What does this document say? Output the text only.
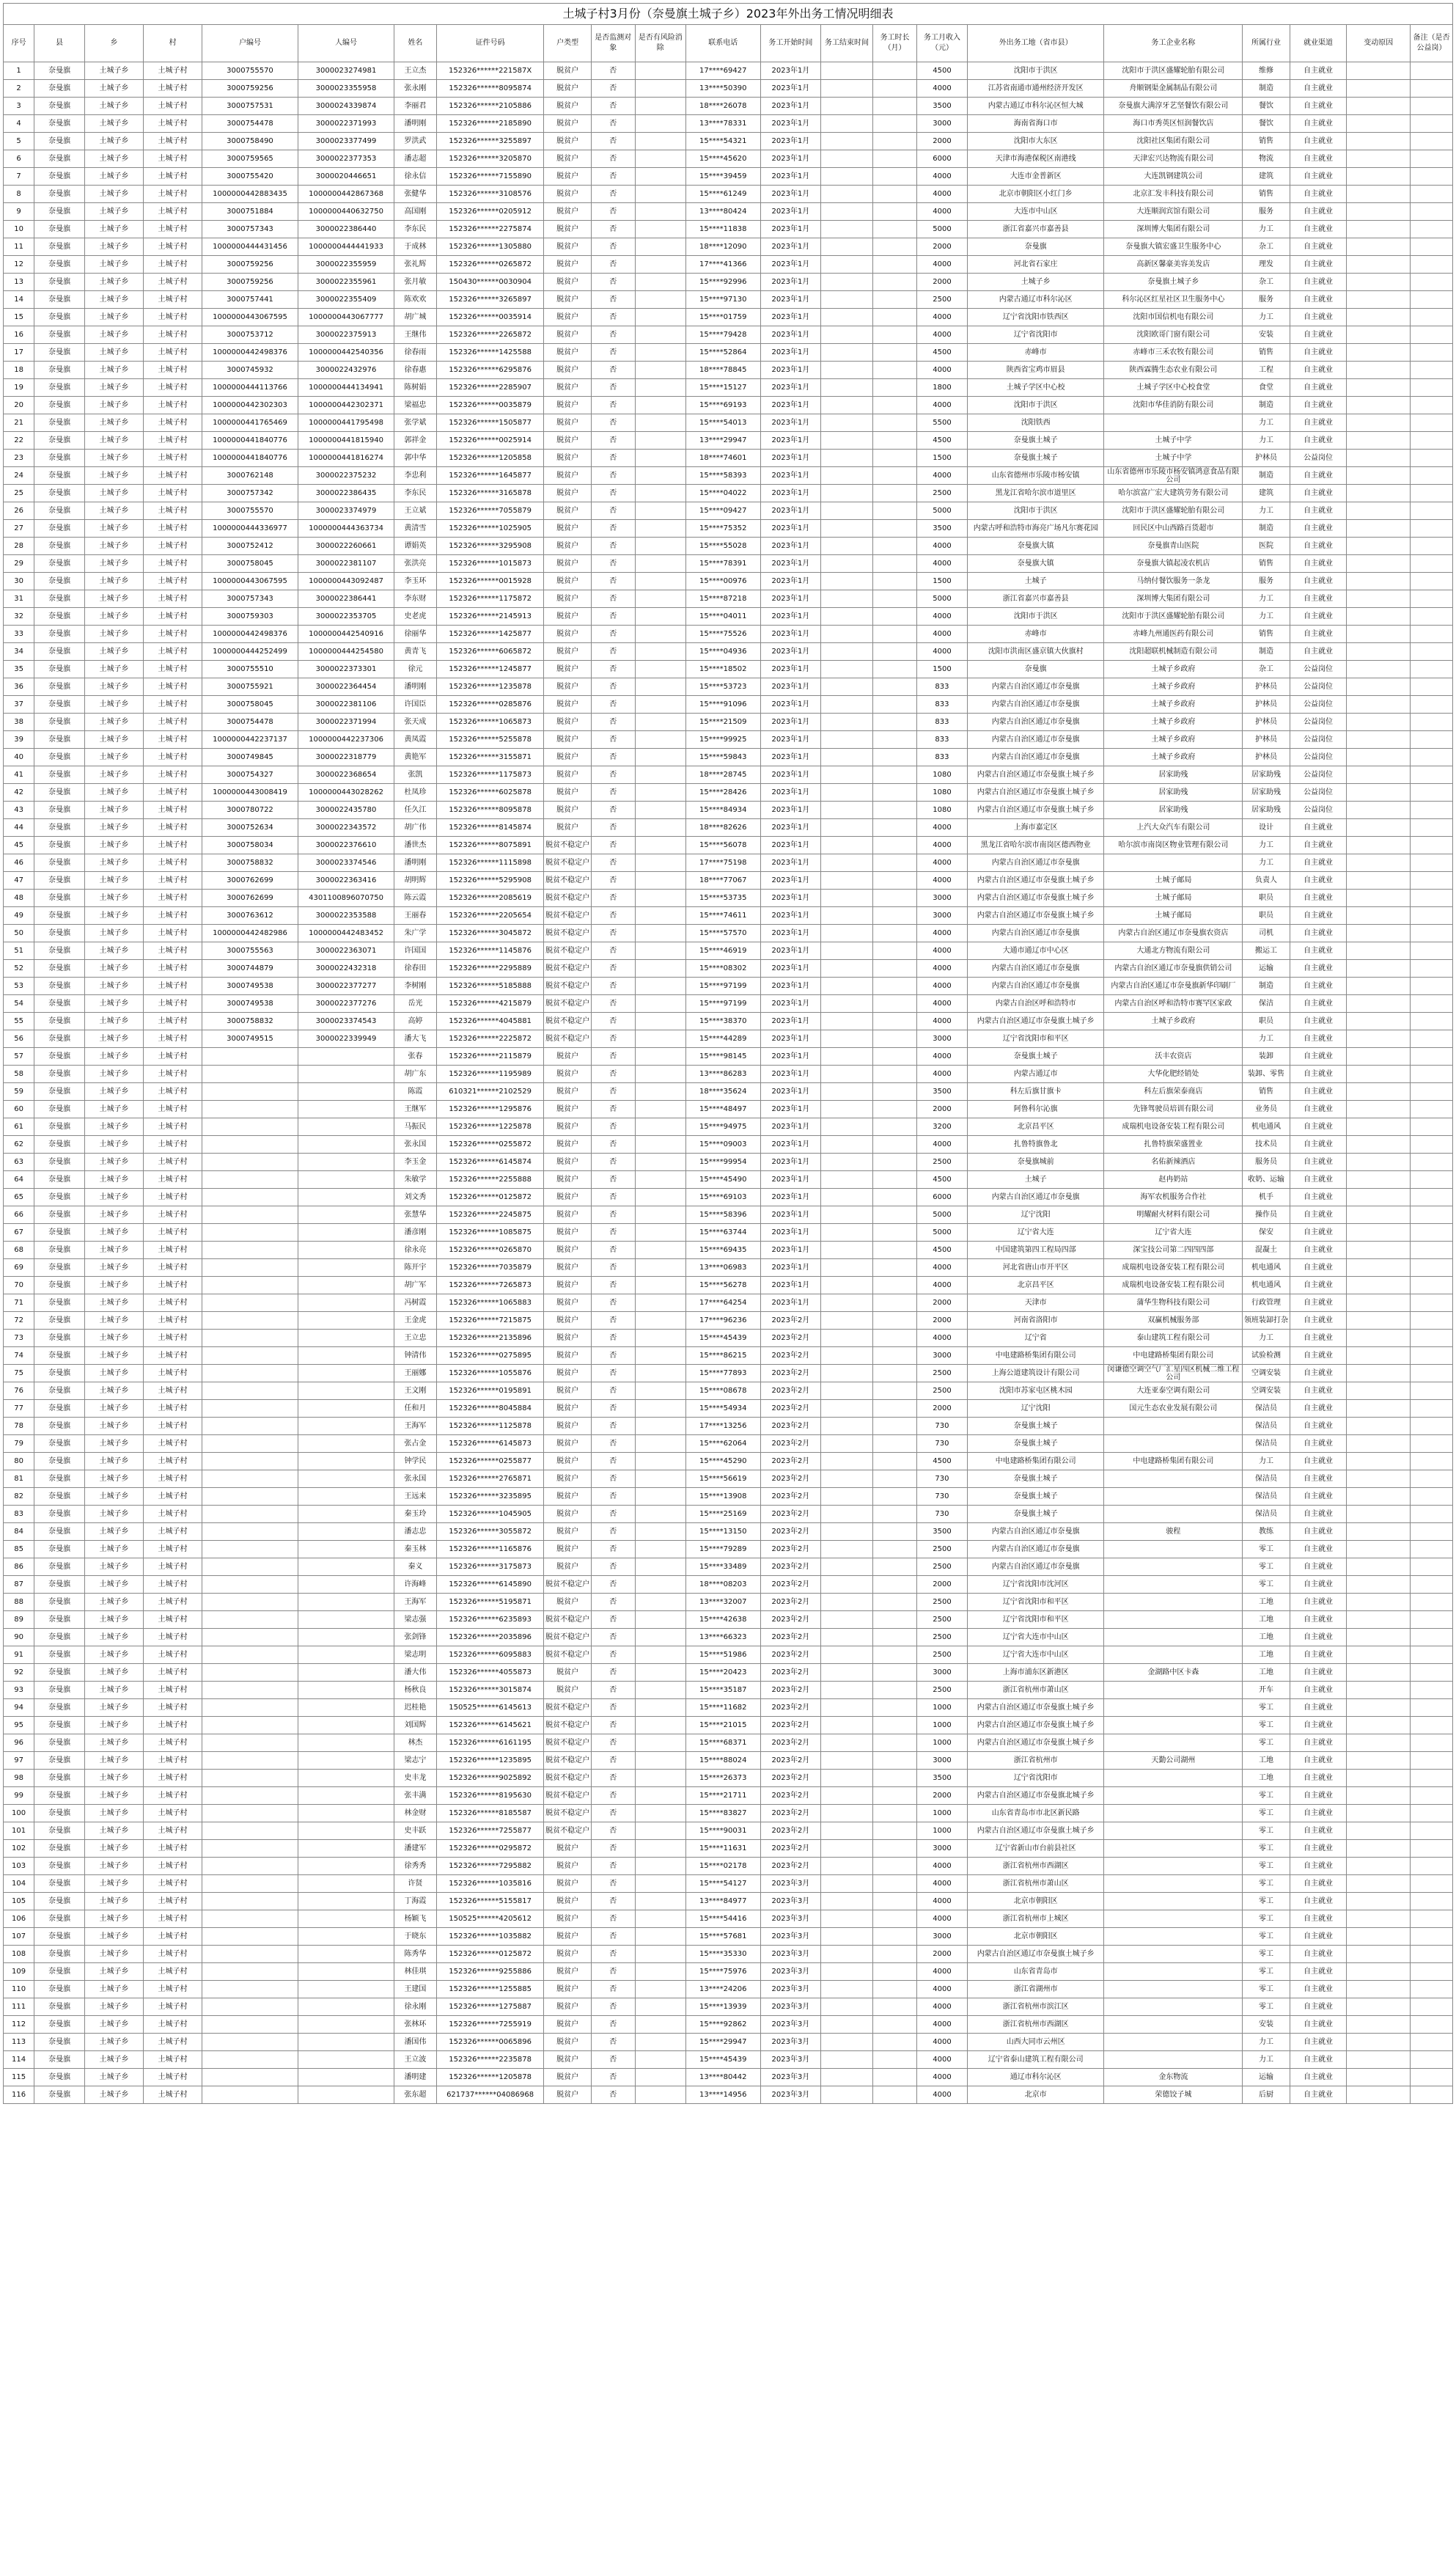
土城子村3月份（奈曼旗土城子乡）2023年外出务工情况明细表
序号	县	乡	村	户编号	人编号	姓名	证件号码	户类型	是否监测对象	是否有风险消除	联系电话	务工开始时间	务工结束时间	务工时长（月）	务工月收入（元）	外出务工地（省市县）	务工企业名称	所属行业	就业渠道	变动原因	备注（是否公益岗）
1	奈曼旗	土城子乡	土城子村	3000755570	3000023274981	王立杰	152326******221587X	脱贫户	否		17****69427	2023年1月			4500	沈阳市于洪区	沈阳市于洪区盛耀轮胎有限公司	维修	自主就业		
2	奈曼旗	土城子乡	土城子村	3000759256	3000023355958	张永刚	152326******8095874	脱贫户	否		13****50390	2023年1月			4000	江苏省南通市通州经济开发区	舟顺钢渠金属制品有限公司	制造	自主就业		
3	奈曼旗	土城子乡	土城子村	3000757531	3000024339874	李丽君	152326******2105886	脱贫户	否		18****26078	2023年1月			3500	内蒙古通辽市科尔沁区恒大城	奈曼旗大满淳牙艺坚餐饮有限公司	餐饮	自主就业		
4	奈曼旗	土城子乡	土城子村	3000754478	3000022371993	潘明刚	152326******2185890	脱贫户	否		13****78331	2023年1月			3000	海南省海口市	海口市秀英区恒润餐饮店	餐饮	自主就业		
5	奈曼旗	土城子乡	土城子村	3000758490	3000023377499	罗洪武	152326******3255897	脱贫户	否		15****54321	2023年1月			2000	沈阳市大东区	沈阳社区集团有限公司	销售	自主就业		
6	奈曼旗	土城子乡	土城子村	3000759565	3000022377353	潘志超	152326******3205870	脱贫户	否		15****45620	2023年1月			6000	天津市海港保税区南港线	天津宏兴达物流有限公司	物流	自主就业		
7	奈曼旗	土城子乡	土城子村	3000755420	3000020446651	徐永信	152326******7155890	脱贫户	否		15****39459	2023年1月			4000	大连市金普新区	大连凯钢建筑公司	建筑	自主就业		
8	奈曼旗	土城子乡	土城子村	1000000442883435	1000000442867368	张健华	152326******3108576	脱贫户	否		15****61249	2023年1月			4000	北京市朝阳区小红门乡	北京汇发丰科技有限公司	销售	自主就业		
9	奈曼旗	土城子乡	土城子村	3000751884	1000000440632750	高国刚	152326******0205912	脱贫户	否		13****80424	2023年1月			4000	大连市中山区	大连顺润宾馆有限公司	服务	自主就业		
10	奈曼旗	土城子乡	土城子村	3000757343	3000022386440	李东民	152326******2275874	脱贫户	否		15****11838	2023年1月			5000	浙江省嘉兴市嘉善县	深圳博大集团有限公司	力工	自主就业		
11	奈曼旗	土城子乡	土城子村	1000000444431456	1000000444441933	于成林	152326******1305880	脱贫户	否		18****12090	2023年1月			2000	奈曼旗	奈曼旗大镇宏盛卫生服务中心	杂工	自主就业		
12	奈曼旗	土城子乡	土城子村	3000759256	3000022355959	张礼辉	152326******0265872	脱贫户	否		17****41366	2023年1月			4000	河北省石家庄	高新区馨豪美容美发店	理发	自主就业		
13	奈曼旗	土城子乡	土城子村	3000759256	3000022355961	张月敏	150430******0030904	脱贫户	否		15****92996	2023年1月			2000	土城子乡	奈曼旗土城子乡	杂工	自主就业		
14	奈曼旗	土城子乡	土城子村	3000757441	3000022355409	陈欢欢	152326******3265897	脱贫户	否		15****97130	2023年1月			2500	内蒙古通辽市科尔沁区	科尔沁区红星社区卫生服务中心	服务	自主就业		
15	奈曼旗	土城子乡	土城子村	1000000443067595	1000000443067777	胡广城	152326******0035914	脱贫户	否		15****01759	2023年1月			4000	辽宁省沈阳市铁西区	沈阳市国信机电有限公司	力工	自主就业		
16	奈曼旗	土城子乡	土城子村	3000753712	3000022375913	王继伟	152326******2265872	脱贫户	否		15****79428	2023年1月			4000	辽宁省沈阳市	沈阳欧哥门窗有限公司	安装	自主就业		
17	奈曼旗	土城子乡	土城子村	1000000442498376	1000000442540356	徐春雨	152326******1425588	脱贫户	否		15****52864	2023年1月			4500	赤峰市	赤峰市三禾农牧有限公司	销售	自主就业		
18	奈曼旗	土城子乡	土城子村	3000745932	3000022432976	徐春惠	152326******6295876	脱贫户	否		18****78845	2023年1月			4000	陕西省宝鸡市眉县	陕西霖腾生态农业有限公司	工程	自主就业		
19	奈曼旗	土城子乡	土城子村	1000000444113766	1000000444134941	陈树娟	152326******2285907	脱贫户	否		15****15127	2023年1月			1800	土城子学区中心校	土城子学区中心校食堂	食堂	自主就业		
20	奈曼旗	土城子乡	土城子村	1000000442302303	1000000442302371	梁福忠	152326******0035879	脱贫户	否		15****69193	2023年1月			4000	沈阳市于洪区	沈阳市华佳消防有限公司	制造	自主就业		
21	奈曼旗	土城子乡	土城子村	1000000441765469	1000000441795498	张学斌	152326******1505877	脱贫户	否		15****54013	2023年1月			5500	沈阳铁西		力工	自主就业		
22	奈曼旗	土城子乡	土城子村	1000000441840776	1000000441815940	郭祥金	152326******0025914	脱贫户	否		13****29947	2023年1月			4500	奈曼旗土城子	土城子中学	力工	自主就业		
23	奈曼旗	土城子乡	土城子村	1000000441840776	1000000441816274	郭中华	152326******1205858	脱贫户	否		18****74601	2023年1月			1500	奈曼旗土城子	土城子中学	护林员	公益岗位		
24	奈曼旗	土城子乡	土城子村	3000762148	3000022375232	李忠利	152326******1645877	脱贫户	否		15****58393	2023年1月			4000	山东省德州市乐陵市杨安镇	山东省德州市乐陵市杨安镇鸿意食品有限公司	制造	自主就业		
25	奈曼旗	土城子乡	土城子村	3000757342	3000022386435	李东民	152326******3165878	脱贫户	否		15****04022	2023年1月			2500	黑龙江省哈尔滨市道里区	哈尔滨富广宏大建筑劳务有限公司	建筑	自主就业		
26	奈曼旗	土城子乡	土城子村	3000755570	3000023374979	王立斌	152326******7055879	脱贫户	否		15****09427	2023年1月			5000	沈阳市于洪区	沈阳市于洪区盛耀轮胎有限公司	力工	自主就业		
27	奈曼旗	土城子乡	土城子村	1000000444336977	1000000444363734	黄清雪	152326******1025905	脱贫户	否		15****75352	2023年1月			3500	内蒙古呼和浩特市海亮广场凡尔赛花园	回民区中山西路百货超市	制造	自主就业		
28	奈曼旗	土城子乡	土城子村	3000752412	3000022260661	谭娟英	152326******3295908	脱贫户	否		15****55028	2023年1月			4000	奈曼旗大镇	奈曼旗青山医院	医院	自主就业		
29	奈曼旗	土城子乡	土城子村	3000758045	3000022381107	张洪亮	152326******1015873	脱贫户	否		15****78391	2023年1月			4000	奈曼旗大镇	奈曼旗大镇起凌农机店	销售	自主就业		
30	奈曼旗	土城子乡	土城子村	1000000443067595	1000000443092487	李玉环	152326******0015928	脱贫户	否		15****00976	2023年1月			1500	土城子	马纳付餐饮服务一条龙	服务	自主就业		
31	奈曼旗	土城子乡	土城子村	3000757343	3000022386441	李东财	152326******1175872	脱贫户	否		15****87218	2023年1月			5000	浙江省嘉兴市嘉善县	深圳博大集团有限公司	力工	自主就业		
32	奈曼旗	土城子乡	土城子村	3000759303	3000022353705	史老虎	152326******2145913	脱贫户	否		15****04011	2023年1月			4000	沈阳市于洪区	沈阳市于洪区盛耀轮胎有限公司	力工	自主就业		
33	奈曼旗	土城子乡	土城子村	1000000442498376	1000000442540916	徐丽华	152326******1425877	脱贫户	否		15****75526	2023年1月			4000	赤峰市	赤峰九州通医药有限公司	销售	自主就业		
34	奈曼旗	土城子乡	土城子村	1000000444252499	1000000444254580	黄青飞	152326******6065872	脱贫户	否		15****04936	2023年1月			4000	沈阳市洪南区盛京镇大伙旗村	沈阳超联机械制造有限公司	制造	自主就业		
35	奈曼旗	土城子乡	土城子村	3000755510	3000022373301	徐元	152326******1245877	脱贫户	否		15****18502	2023年1月			1500	奈曼旗	土城子乡政府	杂工	公益岗位		
36	奈曼旗	土城子乡	土城子村	3000755921	3000022364454	潘明刚	152326******1235878	脱贫户	否		15****53723	2023年1月			833	内蒙古自治区通辽市奈曼旗	土城子乡政府	护林员	公益岗位		
37	奈曼旗	土城子乡	土城子村	3000758045	3000022381106	许国臣	152326******0285876	脱贫户	否		15****91096	2023年1月			833	内蒙古自治区通辽市奈曼旗	土城子乡政府	护林员	公益岗位		
38	奈曼旗	土城子乡	土城子村	3000754478	3000022371994	张天成	152326******1065873	脱贫户	否		15****21509	2023年1月			833	内蒙古自治区通辽市奈曼旗	土城子乡政府	护林员	公益岗位		
39	奈曼旗	土城子乡	土城子村	1000000442237137	1000000442237306	黄凤霞	152326******5255878	脱贫户	否		15****99925	2023年1月			833	内蒙古自治区通辽市奈曼旗	土城子乡政府	护林员	公益岗位		
40	奈曼旗	土城子乡	土城子村	3000749845	3000022318779	黄艳军	152326******3155871	脱贫户	否		15****59843	2023年1月			833	内蒙古自治区通辽市奈曼旗	土城子乡政府	护林员	公益岗位		
41	奈曼旗	土城子乡	土城子村	3000754327	3000022368654	张凯	152326******1175873	脱贫户	否		18****28745	2023年1月			1080	内蒙古自治区通辽市奈曼旗土城子乡	居家助残	居家助残	公益岗位		
42	奈曼旗	土城子乡	土城子村	1000000443008419	1000000443028262	杜凤珍	152326******6025878	脱贫户	否		15****28426	2023年1月			1080	内蒙古自治区通辽市奈曼旗土城子乡	居家助残	居家助残	公益岗位		
43	奈曼旗	土城子乡	土城子村	3000780722	3000022435780	任久江	152326******8095878	脱贫户	否		15****84934	2023年1月			1080	内蒙古自治区通辽市奈曼旗土城子乡	居家助残	居家助残	公益岗位		
44	奈曼旗	土城子乡	土城子村	3000752634	3000022343572	胡广伟	152326******8145874	脱贫户	否		18****82626	2023年1月			4000	上海市嘉定区	上汽大众汽车有限公司	设计	自主就业		
45	奈曼旗	土城子乡	土城子村	3000758034	3000022376610	潘世杰	152326******8075891	脱贫不稳定户	否		15****56078	2023年1月			4000	黑龙江省哈尔滨市南岗区德西物业	哈尔滨市南岗区物业管理有限公司	力工	自主就业		
46	奈曼旗	土城子乡	土城子村	3000758832	3000023374546	潘明刚	152326******1115898	脱贫不稳定户	否		17****75198	2023年1月			4000	内蒙古自治区通辽市奈曼旗		力工	自主就业		
47	奈曼旗	土城子乡	土城子村	3000762699	3000022363416	胡明辉	152326******5295908	脱贫不稳定户	否		18****77067	2023年1月			4000	内蒙古自治区通辽市奈曼旗土城子乡	土城子邮局	负责人	自主就业		
48	奈曼旗	土城子乡	土城子村	3000762699	4301100896070750	陈云霞	152326******2085619	脱贫不稳定户	否		15****53735	2023年1月			3000	内蒙古自治区通辽市奈曼旗土城子乡	土城子邮局	职员	自主就业		
49	奈曼旗	土城子乡	土城子村	3000763612	3000022353588	王丽春	152326******2205654	脱贫不稳定户	否		15****74611	2023年1月			3000	内蒙古自治区通辽市奈曼旗土城子乡	土城子邮局	职员	自主就业		
50	奈曼旗	土城子乡	土城子村	1000000442482986	1000000442483452	朱广学	152326******3045872	脱贫不稳定户	否		15****57570	2023年1月			4000	内蒙古自治区通辽市奈曼旗	内蒙古自治区通辽市奈曼旗农资店	司机	自主就业		
51	奈曼旗	土城子乡	土城子村	3000755563	3000022363071	许国国	152326******1145876	脱贫不稳定户	否		15****46919	2023年1月			4000	大通市通辽市中心区	大通北方物流有限公司	搬运工	自主就业		
52	奈曼旗	土城子乡	土城子村	3000744879	3000022432318	徐春田	152326******2295889	脱贫不稳定户	否		15****08302	2023年1月			4000	内蒙古自治区通辽市奈曼旗	内蒙古自治区通辽市奈曼旗供销公司	运输	自主就业		
53	奈曼旗	土城子乡	土城子村	3000749538	3000022377277	李树刚	152326******5185888	脱贫不稳定户	否		15****97199	2023年1月			4000	内蒙古自治区通辽市奈曼旗	内蒙古自治区通辽市奈曼旗新华印刷厂	制造	自主就业		
54	奈曼旗	土城子乡	土城子村	3000749538	3000022377276	岳光	152326******4215879	脱贫不稳定户	否		15****97199	2023年1月			4000	内蒙古自治区呼和浩特市	内蒙古自治区呼和浩特市赛罕区家政	保洁	自主就业		
55	奈曼旗	土城子乡	土城子村	3000758832	3000023374543	高婷	152326******4045881	脱贫不稳定户	否		15****38370	2023年1月			4000	内蒙古自治区通辽市奈曼旗土城子乡	土城子乡政府	职员	自主就业		
56	奈曼旗	土城子乡	土城子村	3000749515	3000022339949	潘大飞	152326******2225872	脱贫不稳定户	否		15****44289	2023年1月			3000	辽宁省沈阳市和平区		力工	自主就业		
57	奈曼旗	土城子乡	土城子村			张春	152326******2115879	脱贫户	否		15****98145	2023年1月			4000	奈曼旗土城子	沃丰农资店	装卸	自主就业		
58	奈曼旗	土城子乡	土城子村			胡广东	152326******1195989	脱贫户	否		13****86283	2023年1月			4000	内蒙古通辽市	大华化肥经销处	装卸、零售	自主就业		
59	奈曼旗	土城子乡	土城子村			陈霞	610321******2102529	脱贫户	否		18****35624	2023年1月			3500	科左后旗甘旗卡	科左后旗荣泰商店	销售	自主就业		
60	奈曼旗	土城子乡	土城子村			王继军	152326******1295876	脱贫户	否		15****48497	2023年1月			2000	阿鲁科尔沁旗	先锋驾驶员培训有限公司	业务员	自主就业		
61	奈曼旗	土城子乡	土城子村			马振民	152326******1225878	脱贫户	否		15****94975	2023年1月			3200	北京昌平区	成瑞机电设备安装工程有限公司	机电通风	自主就业		
62	奈曼旗	土城子乡	土城子村			张永国	152326******0255872	脱贫户	否		15****09003	2023年1月			4000	扎鲁特旗鲁北	扎鲁特旗荣盛置业	技术员	自主就业		
63	奈曼旗	土城子乡	土城子村			李玉金	152326******6145874	脱贫户	否		15****99954	2023年1月			2500	奈曼旗城前	名佑新辣酒店	服务员	自主就业		
64	奈曼旗	土城子乡	土城子村			朱敏学	152326******2255888	脱贫户	否		15****45490	2023年1月			4500	土城子	赵冉奶站	收奶、运输	自主就业		
65	奈曼旗	土城子乡	土城子村			刘文秀	152326******0125872	脱贫户	否		15****69103	2023年1月			6000	内蒙古自治区通辽市奈曼旗	海军农机服务合作社	机手	自主就业		
66	奈曼旗	土城子乡	土城子村			张慧华	152326******2245875	脱贫户	否		15****58396	2023年1月			5000	辽宁沈阳	明耀耐火材料有限公司	操作员	自主就业		
67	奈曼旗	土城子乡	土城子村			潘彦刚	152326******1085875	脱贫户	否		15****63744	2023年1月			5000	辽宁省大连	辽宁省大连	保安	自主就业		
68	奈曼旗	土城子乡	土城子村			徐永亮	152326******0265870	脱贫户	否		15****69435	2023年1月			4500	中国建筑第四工程局四部	深宝技公司第二四四四部	混凝土	自主就业		
69	奈曼旗	土城子乡	土城子村			陈开宇	152326******7035879	脱贫户	否		13****06983	2023年1月			4000	河北省唐山市开平区	成瑞机电设备安装工程有限公司	机电通风	自主就业		
70	奈曼旗	土城子乡	土城子村			胡广军	152326******7265873	脱贫户	否		15****56278	2023年1月			4000	北京昌平区	成瑞机电设备安装工程有限公司	机电通风	自主就业		
71	奈曼旗	土城子乡	土城子村			冯树霞	152326******1065883	脱贫户	否		17****64254	2023年1月			2000	天津市	蒲华生物科技有限公司	行政管理	自主就业		
72	奈曼旗	土城子乡	土城子村			王金虎	152326******7215875	脱贫户	否		17****96236	2023年2月			2000	河南省洛阳市	双赢机械服务部	领班装缷打杂	自主就业		
73	奈曼旗	土城子乡	土城子村			王立忠	152326******2135896	脱贫户	否		15****45439	2023年2月			4000	辽宁省	泰山建筑工程有限公司	力工	自主就业		
74	奈曼旗	土城子乡	土城子村			钟清伟	152326******0275895	脱贫户	否		15****86215	2023年2月			3000	中电建路桥集团有限公司	中电建路桥集团有限公司	试验检测	自主就业		
75	奈曼旗	土城子乡	土城子村			王丽娜	152326******1055876	脱贫户	否		15****77893	2023年2月			2500	上海公道建筑设计有限公司	闵谦德空调空气厂汇星四区机械二维工程公司	空调安装	自主就业		
76	奈曼旗	土城子乡	土城子村			王文刚	152326******0195891	脱贫户	否		15****08678	2023年2月			2500	沈阳市苏家屯区桃木园	大连亚泰空调有限公司	空调安装	自主就业		
77	奈曼旗	土城子乡	土城子村			任和月	152326******8045884	脱贫户	否		15****54934	2023年2月			2000	辽宁沈阳	国元生态农业发展有限公司	保洁员	自主就业		
78	奈曼旗	土城子乡	土城子村			王海军	152326******1125878	脱贫户	否		17****13256	2023年2月			730	奈曼旗土城子		保洁员	自主就业		
79	奈曼旗	土城子乡	土城子村			张占金	152326******6145873	脱贫户	否		15****62064	2023年2月			730	奈曼旗土城子		保洁员	自主就业		
80	奈曼旗	土城子乡	土城子村			钟学民	152326******0255877	脱贫户	否		15****45290	2023年2月			4500	中电建路桥集团有限公司	中电建路桥集团有限公司	力工	自主就业		
81	奈曼旗	土城子乡	土城子村			张永国	152326******2765871	脱贫户	否		15****56619	2023年2月			730	奈曼旗土城子		保洁员	自主就业		
82	奈曼旗	土城子乡	土城子村			王远来	152326******3235895	脱贫户	否		15****13908	2023年2月			730	奈曼旗土城子		保洁员	自主就业		
83	奈曼旗	土城子乡	土城子村			秦玉玲	152326******1045905	脱贫户	否		15****25169	2023年2月			730	奈曼旗土城子		保洁员	自主就业		
84	奈曼旗	土城子乡	土城子村			潘志忠	152326******3055872	脱贫户	否		15****13150	2023年2月			3500	内蒙古自治区通辽市奈曼旗	骏程	教练	自主就业		
85	奈曼旗	土城子乡	土城子村			秦玉林	152326******1165876	脱贫户	否		15****79289	2023年2月			2500	内蒙古自治区通辽市奈曼旗		零工	自主就业		
86	奈曼旗	土城子乡	土城子村			秦义	152326******3175873	脱贫户	否		15****33489	2023年2月			2500	内蒙古自治区通辽市奈曼旗		零工	自主就业		
87	奈曼旗	土城子乡	土城子村			许海峰	152326******6145890	脱贫不稳定户	否		18****08203	2023年2月			2000	辽宁省沈阳市沈河区		零工	自主就业		
88	奈曼旗	土城子乡	土城子村			王海军	152326******5195871	脱贫户	否		13****32007	2023年2月			2500	辽宁省沈阳市和平区		工地	自主就业		
89	奈曼旗	土城子乡	土城子村			梁志强	152326******6235893	脱贫不稳定户	否		15****42638	2023年2月			2500	辽宁省沈阳市和平区		工地	自主就业		
90	奈曼旗	土城子乡	土城子村			张剑锋	152326******2035896	脱贫不稳定户	否		13****66323	2023年2月			2500	辽宁省大连市中山区		工地	自主就业		
91	奈曼旗	土城子乡	土城子村			梁志明	152326******6095883	脱贫不稳定户	否		15****51986	2023年2月			2500	辽宁省大连市中山区		工地	自主就业		
92	奈曼旗	土城子乡	土城子村			潘大伟	152326******4055873	脱贫户	否		15****20423	2023年2月			3000	上海市浦东区新港区	金湖路中区卡森	工地	自主就业		
93	奈曼旗	土城子乡	土城子村			杨秋良	152326******3015874	脱贫户	否		15****35187	2023年2月			2500	浙江省杭州市萧山区		开车	自主就业		
94	奈曼旗	土城子乡	土城子村			迟桂艳	150525******6145613	脱贫不稳定户	否		15****11682	2023年2月			1000	内蒙古自治区通辽市奈曼旗土城子乡		零工	自主就业		
95	奈曼旗	土城子乡	土城子村			刘国辉	152326******6145621	脱贫不稳定户	否		15****21015	2023年2月			1000	内蒙古自治区通辽市奈曼旗土城子乡		零工	自主就业		
96	奈曼旗	土城子乡	土城子村			林杰	152326******6161195	脱贫不稳定户	否		15****68371	2023年2月			1000	内蒙古自治区通辽市奈曼旗土城子乡		零工	自主就业		
97	奈曼旗	土城子乡	土城子村			梁志宁	152326******1235895	脱贫不稳定户	否		15****88024	2023年2月			3000	浙江省杭州市	天勤公司湖州	工地	自主就业		
98	奈曼旗	土城子乡	土城子村			史丰龙	152326******9025892	脱贫不稳定户	否		15****26373	2023年2月			3500	辽宁省沈阳市		工地	自主就业		
99	奈曼旗	土城子乡	土城子村			张丰满	152326******8195630	脱贫不稳定户	否		15****21711	2023年2月			2000	内蒙古自治区通辽市奈曼旗北城子乡		零工	自主就业		
100	奈曼旗	土城子乡	土城子村			林金财	152326******8185587	脱贫不稳定户	否		15****83827	2023年2月			1000	山东省青岛市市北区新民路		零工	自主就业		
101	奈曼旗	土城子乡	土城子村			史丰跃	152326******7255877	脱贫不稳定户	否		15****90031	2023年2月			1000	内蒙古自治区通辽市奈曼旗土城子乡		零工	自主就业		
102	奈曼旗	土城子乡	土城子村			潘建军	152326******0295872	脱贫户	否		15****11631	2023年2月			3000	辽宁省新山市台前县社区		零工	自主就业		
103	奈曼旗	土城子乡	土城子村			徐秀秀	152326******7295882	脱贫户	否		15****02178	2023年2月			4000	浙江省杭州市西湖区		零工	自主就业		
104	奈曼旗	土城子乡	土城子村			许贤	152326******1035816	脱贫户	否		15****54127	2023年3月			4000	浙江省杭州市萧山区		零工	自主就业		
105	奈曼旗	土城子乡	土城子村			丁海霞	152326******5155817	脱贫户	否		13****84977	2023年3月			4000	北京市朝阳区		零工	自主就业		
106	奈曼旗	土城子乡	土城子村			杨颖飞	150525******4205612	脱贫户	否		15****54416	2023年3月			4000	浙江省杭州市上城区		零工	自主就业		
107	奈曼旗	土城子乡	土城子村			于晓东	152326******1035882	脱贫户	否		15****57681	2023年3月			3000	北京市朝阳区		零工	自主就业		
108	奈曼旗	土城子乡	土城子村			陈秀华	152326******0125872	脱贫户	否		15****35330	2023年3月			2000	内蒙古自治区通辽市奈曼旗土城子乡		零工	自主就业		
109	奈曼旗	土城子乡	土城子村			林佳琪	152326******9255886	脱贫户	否		15****75976	2023年3月			4000	山东省青岛市		零工	自主就业		
110	奈曼旗	土城子乡	土城子村			王建国	152326******1255885	脱贫户	否		13****24206	2023年3月			4000	浙江省湖州市		零工	自主就业		
111	奈曼旗	土城子乡	土城子村			徐永刚	152326******1275887	脱贫户	否		15****13939	2023年3月			4000	浙江省杭州市滨江区		零工	自主就业		
112	奈曼旗	土城子乡	土城子村			张林环	152326******7255919	脱贫户	否		15****92862	2023年3月			4000	浙江省杭州市西湖区		安装	自主就业		
113	奈曼旗	土城子乡	土城子村			潘国伟	152326******0065896	脱贫户	否		15****29947	2023年3月			4000	山西大同市云州区		力工	自主就业		
114	奈曼旗	土城子乡	土城子村			王立波	152326******2235878	脱贫户	否		15****45439	2023年3月			4000	辽宁省泰山建筑工程有限公司		力工	自主就业		
115	奈曼旗	土城子乡	土城子村			潘明建	152326******1205878	脱贫户	否		13****80442	2023年3月			4000	通辽市科尔沁区	金东物流	运输	自主就业		
116	奈曼旗	土城子乡	土城子村			张东超	621737******04086968	脱贫户	否		13****14956	2023年3月			4000	北京市	荣德饺子城	后厨	自主就业		
